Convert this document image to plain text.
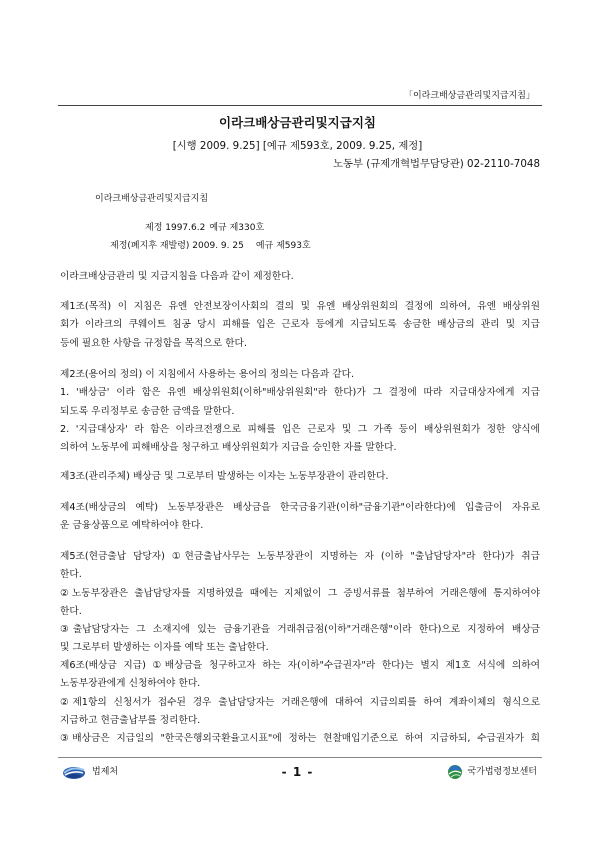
「이라크배상금관리및지급지침」
이라크배상금관리및지급지침
[시행 2009. 9.25] [예규 제593호, 2009. 9.25, 제정]
노동부 (규제개혁법무담당관) 02-2110-7048
이라크배상금관리및지급지침
제정 1997.6.2 예규 제330호
제정(폐지후 재발령) 2009. 9. 25 예규 제593호
이라크배상금관리 및 지급지침을 다음과 같이 제정한다.
제1조(목적) 이 지침은 유엔 안전보장이사회의 결의 및 유엔 배상위원회의 결정에 의하여, 유엔 배상위원
회가 이라크의 쿠웨이트 침공 당시 피해를 입은 근로자 등에게 지급되도록 송금한 배상금의 관리 및 지급
등에 필요한 사항을 규정함을 목적으로 한다.
제2조(용어의 정의) 이 지침에서 사용하는 용어의 정의는 다음과 같다.
1. '배상금' 이라 함은 유엔 배상위원회(이하"배상위원회"라 한다)가 그 결정에 따라 지급대상자에게 지급
되도록 우리정부로 송금한 금액을 말한다.
2. '지급대상자' 라 함은 이라크전쟁으로 피해를 입은 근로자 및 그 가족 등이 배상위원회가 정한 양식에
의하여 노동부에 피해배상을 청구하고 배상위원회가 지급을 승인한 자를 말한다.
제3조(관리주체) 배상금 및 그로부터 발생하는 이자는 노동부장관이 관리한다.
제4조(배상금의 예탁) 노동부장관은 배상금을 한국금융기관(이하"금융기관"이라한다)에 입출금이 자유로
운 금융상품으로 예탁하여야 한다.
제5조(현금출납 담당자) ①현금출납사무는 노동부장관이 지명하는 자 (이하 "출납담당자"라 한다)가 취급
한다.
②노동부장관은 출납담당자를 지명하였을 때에는 지체없이 그 증빙서류를 첨부하여 거래은행에 통지하여야
한다.
③출납담당자는 그 소재지에 있는 금융기관을 거래취급점(이하"거래은행"이라 한다)으로 지정하여 배상금
및 그로부터 발생하는 이자를 예탁 또는 출납한다.
제6조(배상금 지급) ①배상금을 청구하고자 하는 자(이하"수급권자"라 한다)는 별지 제1호 서식에 의하여
노동부장관에게 신청하여야 한다.
②제1항의 신청서가 접수된 경우 출납담당자는 거래은행에 대하여 지급의뢰를 하여 계좌이체의 형식으로
지급하고 현금출납부를 정리한다.
③배상금은 지급일의 "한국은행외국환율고시표"에 정하는 현찰매입기준으로 하여 지급하되, 수급권자가 희
법제처	- 1 -	국가법령정보센터
